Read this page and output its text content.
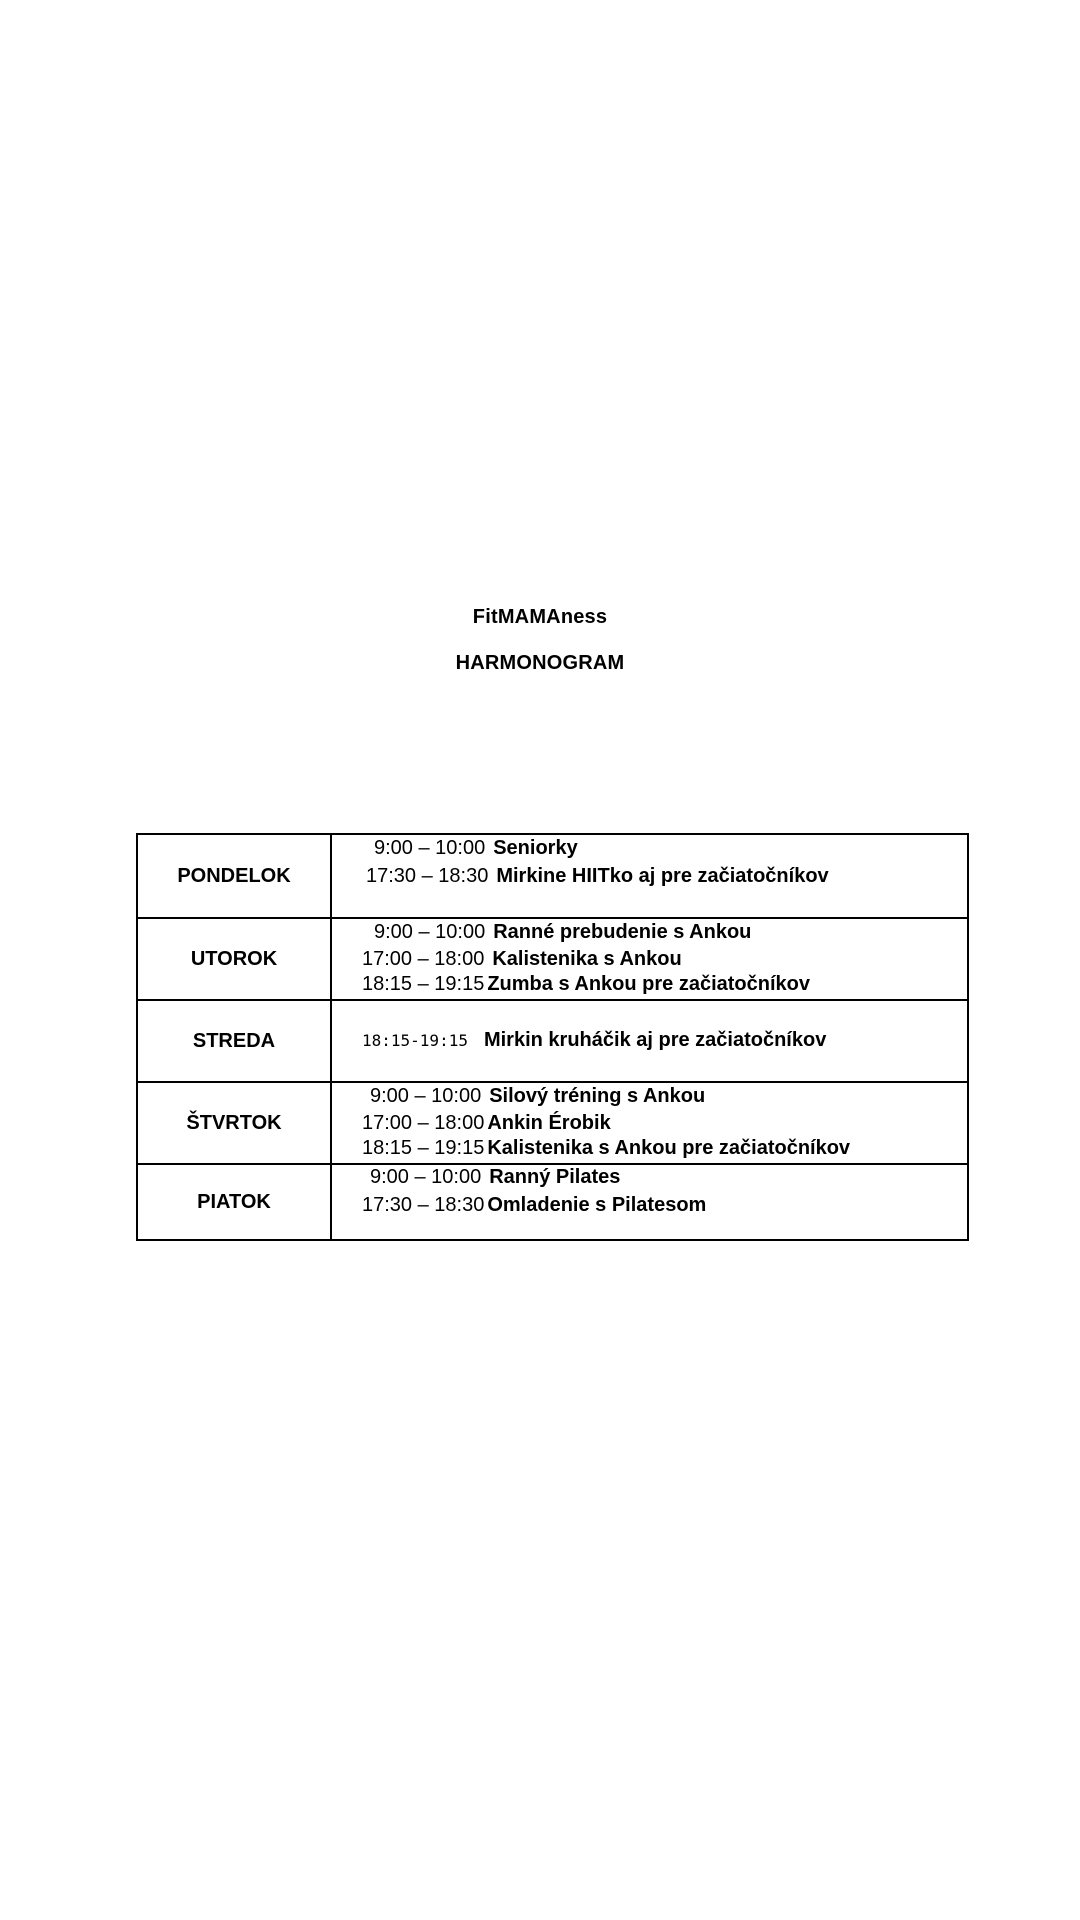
FitMAMAness
HARMONOGRAM
PONDELOK
9:00 – 10:00 Seniorky
17:30 – 18:30 Mirkine HIITko aj pre začiatočníkov
UTOROK
9:00 – 10:00 Ranné prebudenie s Ankou
17:00 – 18:00 Kalistenika s Ankou
18:15 – 19:15 Zumba s Ankou pre začiatočníkov
STREDA	18:15-19:15 Mirkin kruháčik aj pre začiatočníkov
ŠTVRTOK
9:00 – 10:00 Silový tréning s Ankou
17:00 – 18:00 Ankin Érobik
18:15 – 19:15 Kalistenika s Ankou pre začiatočníkov
PIATOK
9:00 – 10:00 Ranný Pilates
17:30 – 18:30 Omladenie s Pilatesom
